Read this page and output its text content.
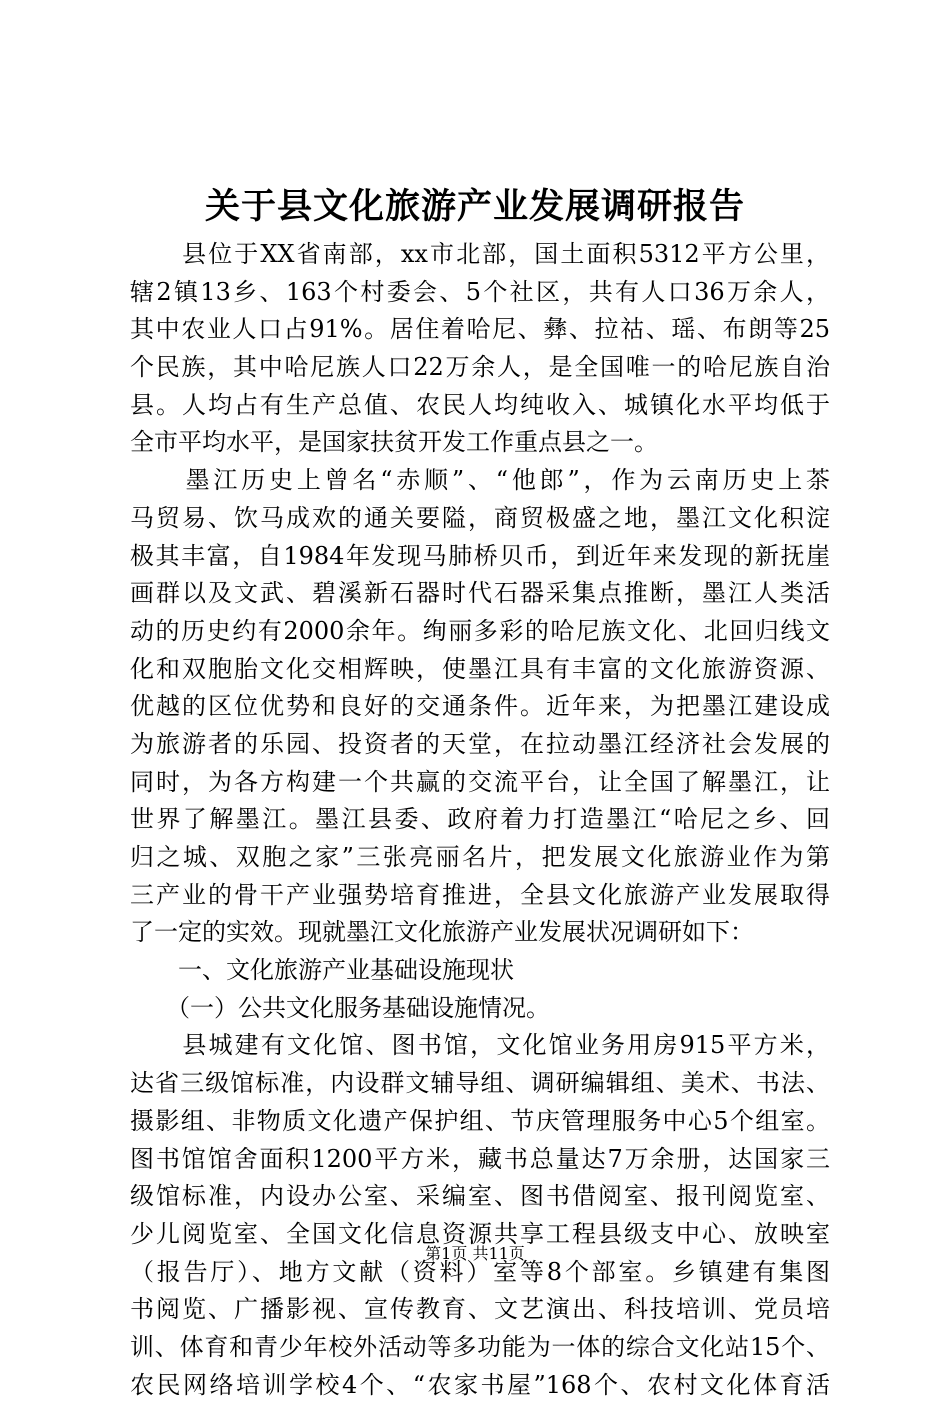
关于县文化旅游产业发展调研报告
　　县位于XX省南部，xx市北部，国土面积5312平方公里，
辖2镇13乡、163个村委会、5个社区，共有人口36万余人，
其中农业人口占91%。居住着哈尼、彝、拉祜、瑶、布朗等25
个民族，其中哈尼族人口22万余人，是全国唯一的哈尼族自治
县。人均占有生产总值、农民人均纯收入、城镇化水平均低于
全市平均水平，是国家扶贫开发工作重点县之一。
　　墨江历史上曾名“赤顺”、“他郎”，作为云南历史上茶
马贸易、饮马成欢的通关要隘，商贸极盛之地，墨江文化积淀
极其丰富，自1984年发现马肺桥贝币，到近年来发现的新抚崖
画群以及文武、碧溪新石器时代石器采集点推断，墨江人类活
动的历史约有2000余年。绚丽多彩的哈尼族文化、北回归线文
化和双胞胎文化交相辉映，使墨江具有丰富的文化旅游资源、
优越的区位优势和良好的交通条件。近年来，为把墨江建设成
为旅游者的乐园、投资者的天堂，在拉动墨江经济社会发展的
同时，为各方构建一个共赢的交流平台，让全国了解墨江，让
世界了解墨江。墨江县委、政府着力打造墨江“哈尼之乡、回
归之城、双胞之家”三张亮丽名片，把发展文化旅游业作为第
三产业的骨干产业强势培育推进，全县文化旅游产业发展取得
了一定的实效。现就墨江文化旅游产业发展状况调研如下：
　　一、文化旅游产业基础设施现状
　　（一）公共文化服务基础设施情况。
　　县城建有文化馆、图书馆，文化馆业务用房915平方米，
达省三级馆标准，内设群文辅导组、调研编辑组、美术、书法、
摄影组、非物质文化遗产保护组、节庆管理服务中心5个组室。
图书馆馆舍面积1200平方米，藏书总量达7万余册，达国家三
级馆标准，内设办公室、采编室、图书借阅室、报刊阅览室、
少儿阅览室、全国文化信息资源共享工程县级支中心、放映室
（报告厅）、地方文献（资料）室等8个部室。乡镇建有集图
书阅览、广播影视、宣传教育、文艺演出、科技培训、党员培
训、体育和青少年校外活动等多功能为一体的综合文化站15个、
农民网络培训学校4个、“农家书屋”168个、农村文化体育活
第1页 共11页
